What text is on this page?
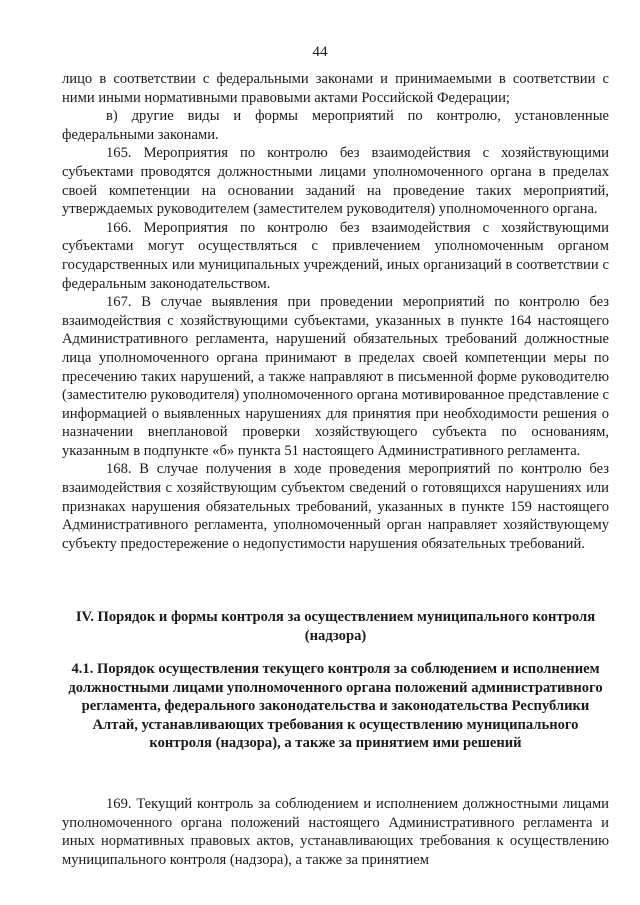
44

лицо в соответствии с федеральными законами и принимаемыми в соответствии с ними иными нормативными правовыми актами Российской Федерации;

в) другие виды и формы мероприятий по контролю, установленные федеральными законами.

165. Мероприятия по контролю без взаимодействия с хозяйствующими субъектами проводятся должностными лицами уполномоченного органа в пределах своей компетенции на основании заданий на проведение таких мероприятий, утверждаемых руководителем (заместителем руководителя) уполномоченного органа.

166. Мероприятия по контролю без взаимодействия с хозяйствующими субъектами могут осуществляться с привлечением уполномоченным органом государственных или муниципальных учреждений, иных организаций в соответствии с федеральным законодательством.

167. В случае выявления при проведении мероприятий по контролю без взаимодействия с хозяйствующими субъектами, указанных в пункте 164 настоящего Административного регламента, нарушений обязательных требований должностные лица уполномоченного органа принимают в пределах своей компетенции меры по пресечению таких нарушений, а также направляют в письменной форме руководителю (заместителю руководителя) уполномоченного органа мотивированное представление с информацией о выявленных нарушениях для принятия при необходимости решения о назначении внеплановой проверки хозяйствующего субъекта по основаниям, указанным в подпункте «б» пункта 51 настоящего Административного регламента.

168. В случае получения в ходе проведения мероприятий по контролю без взаимодействия с хозяйствующим субъектом сведений о готовящихся нарушениях или признаках нарушения обязательных требований, указанных в пункте 159 настоящего Административного регламента, уполномоченный орган направляет хозяйствующему субъекту предостережение о недопустимости нарушения обязательных требований.

IV. Порядок и формы контроля за осуществлением муниципального контроля (надзора)

4.1. Порядок осуществления текущего контроля за соблюдением и исполнением должностными лицами уполномоченного органа положений административного регламента, федерального законодательства и законодательства Республики Алтай, устанавливающих требования к осуществлению муниципального контроля (надзора), а также за принятием ими решений

169. Текущий контроль за соблюдением и исполнением должностными лицами уполномоченного органа положений настоящего Административного регламента и иных нормативных правовых актов, устанавливающих требования к осуществлению муниципального контроля (надзора), а также за принятием
